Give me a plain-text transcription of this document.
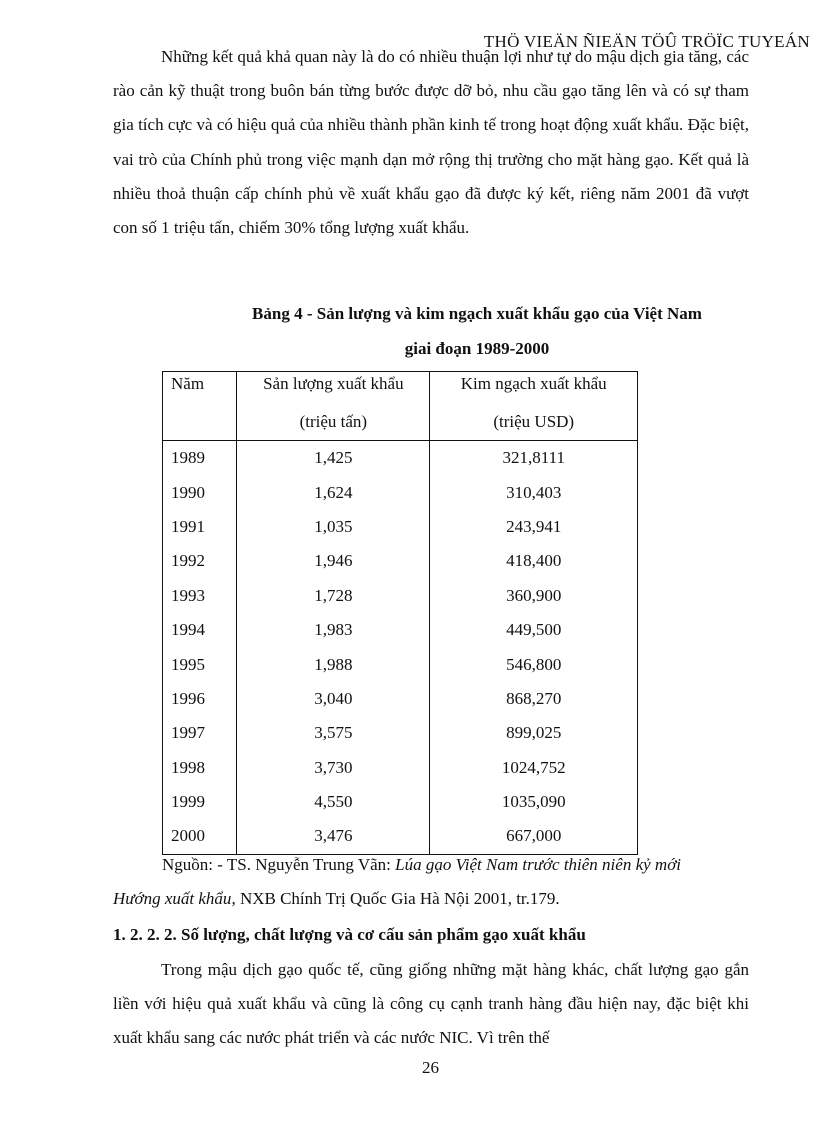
THÖ VIEÄN ÑIEÄN TÖÛ TRÖÏC TUYEÁN

Những kết quả khả quan này là do có nhiều thuận lợi như tự do mậu dịch gia tăng, các rào cản kỹ thuật trong buôn bán từng bước được dỡ bỏ, nhu cầu gạo tăng lên và có sự tham gia tích cực và có hiệu quả của nhiều thành phần kinh tế trong hoạt động xuất khẩu. Đặc biệt, vai trò của Chính phủ trong việc mạnh dạn mở rộng thị trường cho mặt hàng gạo. Kết quả là nhiều thoả thuận cấp chính phủ về xuất khẩu gạo đã được ký kết, riêng năm 2001 đã vượt con số 1 triệu tấn, chiếm 30% tổng lượng xuất khẩu.

Bảng 4 - Sản lượng và kim ngạch xuất khẩu gạo của Việt Nam
giai đoạn 1989-2000
Năm	Sản lượng xuất khẩu	Kim ngạch xuất khẩu
	(triệu tấn)	(triệu USD)
1989	1,425	321,8111
1990	1,624	310,403
1991	1,035	243,941
1992	1,946	418,400
1993	1,728	360,900
1994	1,983	449,500
1995	1,988	546,800
1996	3,040	868,270
1997	3,575	899,025
1998	3,730	1024,752
1999	4,550	1035,090
2000	3,476	667,000
Nguồn: - TS. Nguyễn Trung Vãn: Lúa gạo Việt Nam trước thiên niên kỷ mới
Hướng xuất khẩu, NXB Chính Trị Quốc Gia Hà Nội 2001, tr.179.
1. 2. 2. 2. Số lượng, chất lượng và cơ cấu sản phẩm gạo xuất khẩu

Trong mậu dịch gạo quốc tế, cũng giống những mặt hàng khác, chất lượng gạo gắn liền với hiệu quả xuất khẩu và cũng là công cụ cạnh tranh hàng đầu hiện nay, đặc biệt khi xuất khẩu sang các nước phát triển và các nước NIC. Vì trên thế

26
